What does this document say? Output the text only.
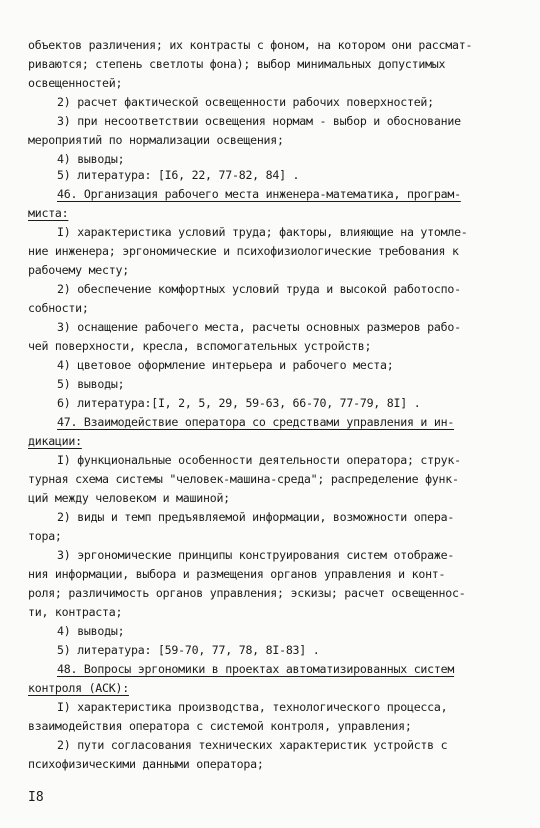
объектов различения; их контрасты с фоном, на котором они рассмат-
риваются; степень светлоты фона); выбор минимальных допустимых
освещенностей;
2) расчет фактической освещенности рабочих поверхностей;
3) при несоответствии освещения нормам - выбор и обоснование
мероприятий по нормализации освещения;
4) выводы;
5) литература: [I6, 22, 77-82, 84] .
46. Организация рабочего места инженера-математика, програм-
миста:
I) характеристика условий труда; факторы, влияющие на утомле-
ние инженера; эргономические и психофизиологические требования к
рабочему месту;
2) обеспечение комфортных условий труда и высокой работоспо-
собности;
3) оснащение рабочего места, расчеты основных размеров рабо-
чей поверхности, кресла, вспомогательных устройств;
4) цветовое оформление интерьера и рабочего места;
5) выводы;
6) литература:[I, 2, 5, 29, 59-63, 66-70, 77-79, 8I] .
47. Взаимодействие оператора со средствами управления и ин-
дикации:
I) функциональные особенности деятельности оператора; струк-
турная схема системы "человек-машина-среда"; распределение функ-
ций между человеком и машиной;
2) виды и темп предъявляемой информации, возможности опера-
тора;
3) эргономические принципы конструирования систем отображе-
ния информации, выбора и размещения органов управления и конт-
роля; различимость органов управления; эскизы; расчет освещеннос-
ти, контраста;
4) выводы;
5) литература: [59-70, 77, 78, 8I-83] .
48. Вопросы эргономики в проектах автоматизированных систем
контроля (АСК):
I) характеристика производства, технологического процесса,
взаимодействия оператора с системой контроля, управления;
2) пути согласования технических характеристик устройств с
психофизическими данными оператора;
I8
